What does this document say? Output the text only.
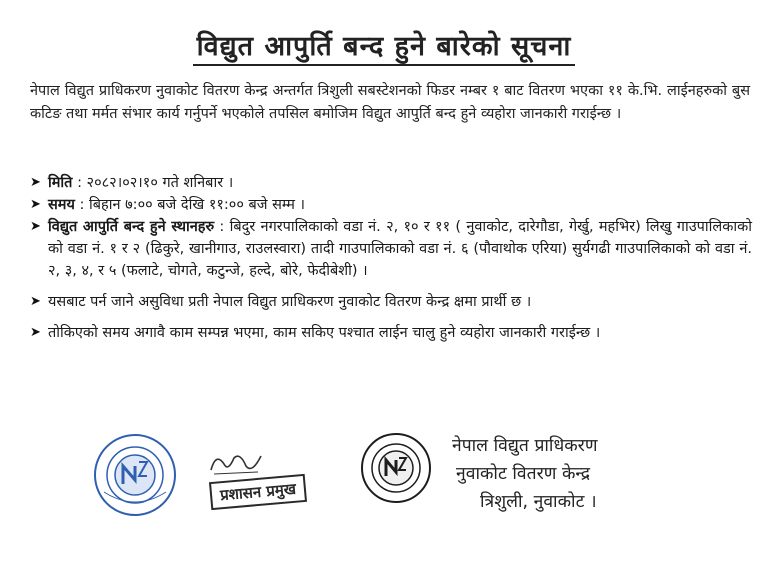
विद्युत आपुर्ति बन्द हुने बारेको सूचना
नेपाल विद्युत प्राधिकरण नुवाकोट वितरण केन्द्र अन्तर्गत त्रिशुली सबस्टेशनको फिडर नम्बर १ बाट वितरण भएका ११ के.भि. लाईनहरुको बुस कटिङ तथा मर्मत संभार कार्य गर्नुपर्ने भएकोले तपसिल बमोजिम विद्युत आपुर्ति बन्द हुने व्यहोरा जानकारी गराईन्छ ।
➤ मिति : २०८२।०२।१० गते शनिबार ।
➤ समय : बिहान ७:०० बजे देखि ११:०० बजे सम्म ।
➤ विद्युत आपुर्ति बन्द हुने स्थानहरु : बिदुर नगरपालिकाको वडा नं. २, १० र ११ ( नुवाकोट, दारेगौडा, गेर्खु, महभिर) लिखु गाउपालिकाको को वडा नं. १ र २ (ढिकुरे, खानीगाउ, राउलस्वारा) तादी गाउपालिकाको वडा नं. ६ (पौवाथोक एरिया) सुर्यगढी गाउपालिकाको को वडा नं. २, ३, ४, र ५ (फलाटे, चोगते, कटुन्जे, हल्दे, बोरे, फेदीबेशी) ।
➤ यसबाट पर्न जाने असुविधा प्रती नेपाल विद्युत प्राधिकरण नुवाकोट वितरण केन्द्र क्षमा प्रार्थी छ ।
➤ तोकिएको समय अगावै काम सम्पन्न भएमा, काम सकिए पश्चात लाईन चालु हुने व्यहोरा जानकारी गराईन्छ ।
प्रशासन प्रमुख
नेपाल विद्युत प्राधिकरण
नुवाकोट वितरण केन्द्र
त्रिशुली, नुवाकोट ।
